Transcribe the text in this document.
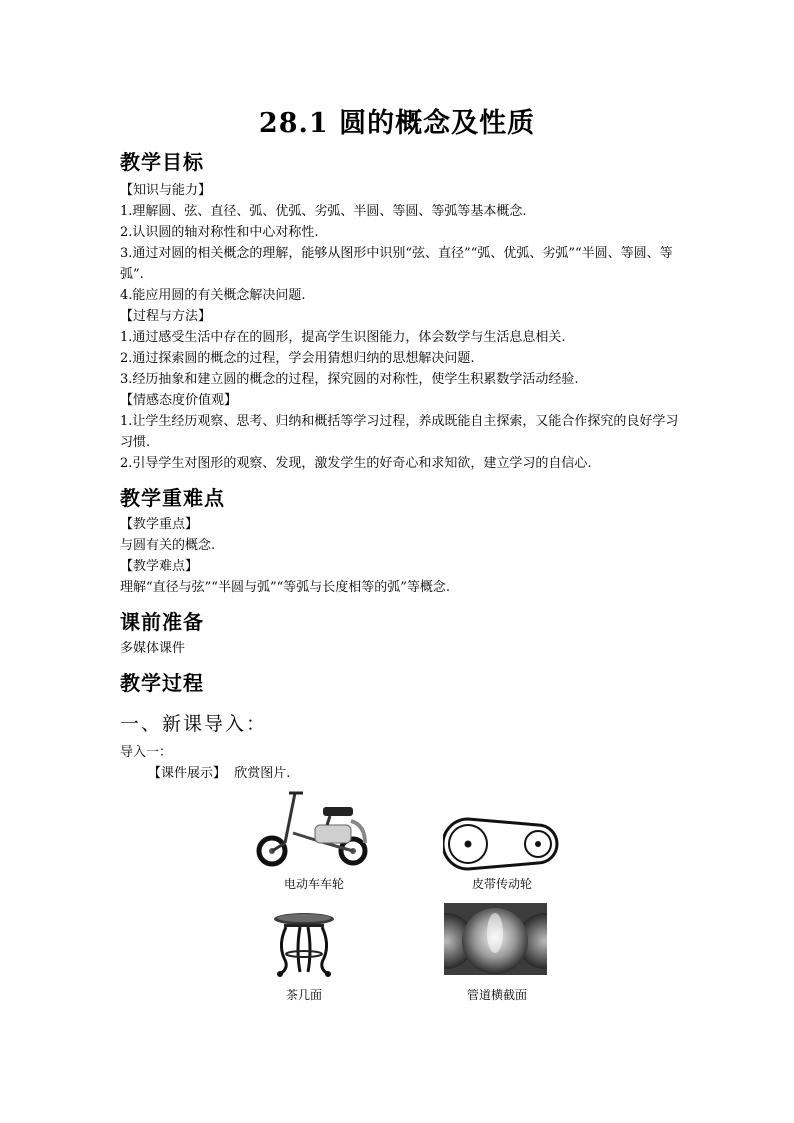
28.1 圆的概念及性质
教学目标

【知识与能力】

1.理解圆、弦、直径、弧、优弧、劣弧、半圆、等圆、等弧等基本概念.

2.认识圆的轴对称性和中心对称性.

3.通过对圆的相关概念的理解，能够从图形中识别“弦、直径”“弧、优弧、劣弧”“半圆、等圆、等弧”.

4.能应用圆的有关概念解决问题.

【过程与方法】

1.通过感受生活中存在的圆形，提高学生识图能力，体会数学与生活息息相关.

2.通过探索圆的概念的过程，学会用猜想归纳的思想解决问题.

3.经历抽象和建立圆的概念的过程，探究圆的对称性，使学生积累数学活动经验.

【情感态度价值观】

1.让学生经历观察、思考、归纳和概括等学习过程，养成既能自主探索，又能合作探究的良好学习习惯.

2.引导学生对图形的观察、发现，激发学生的好奇心和求知欲，建立学习的自信心.

教学重难点

【教学重点】

与圆有关的概念.

【教学难点】

理解“直径与弦”“半圆与弧”“等弧与长度相等的弧”等概念.

课前准备

多媒体课件

教学过程

一、新课导入：

导入一：

【课件展示】  欣赏图片.

电动车车轮	皮带传动轮
茶几面	管道横截面
